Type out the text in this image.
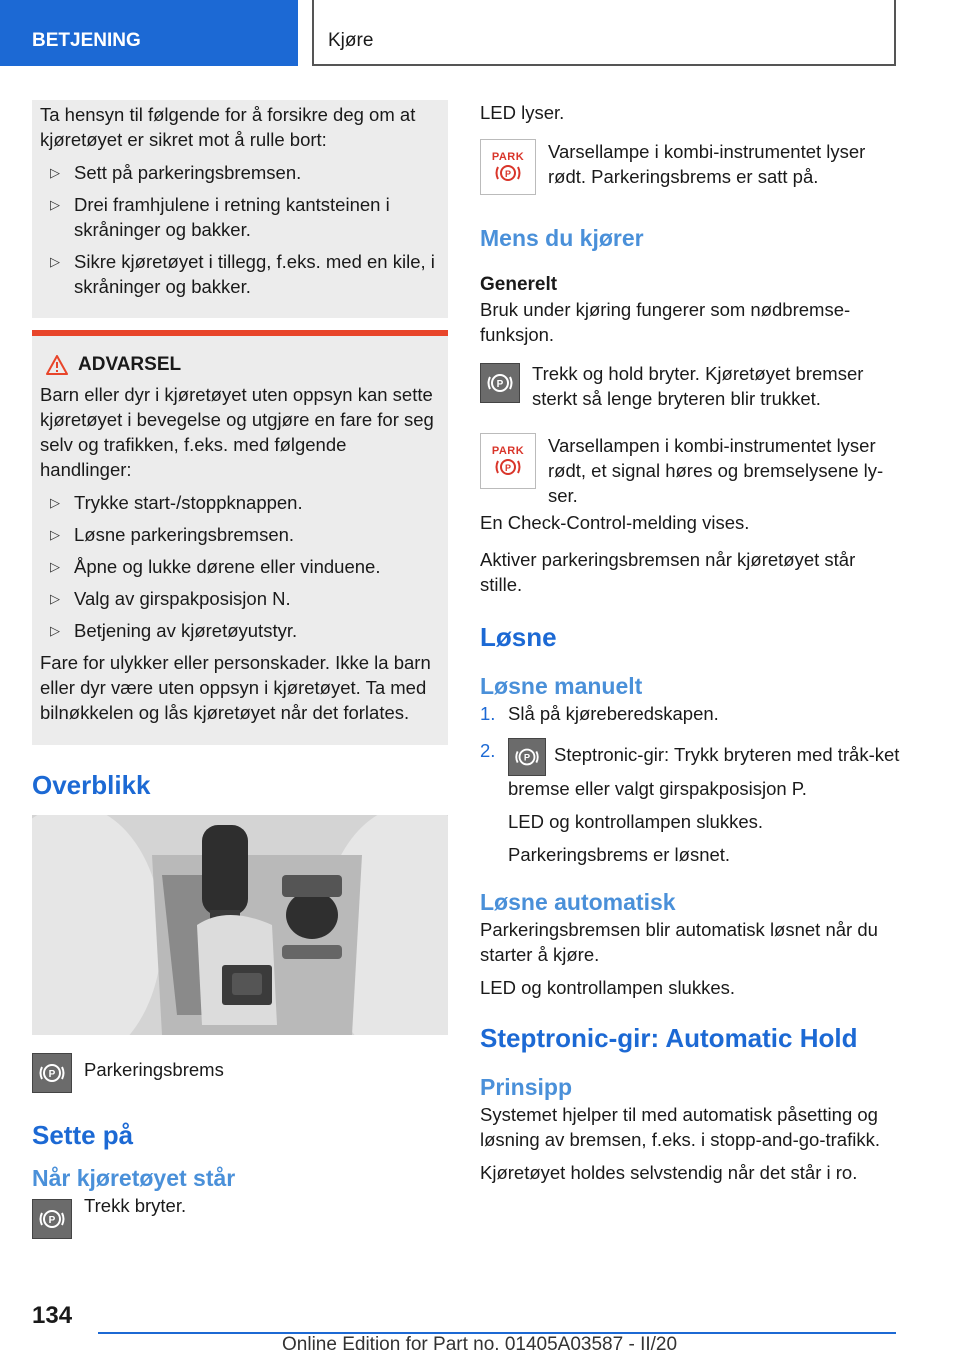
BETJENING	Kjøre

Ta hensyn til følgende for å forsikre deg om at kjøretøyet er sikret mot å rulle bort:

▷ Sett på parkeringsbremsen.
▷ Drei framhjulene i retning kantsteinen i skråninger og bakker.
▷ Sikre kjøretøyet i tillegg, f.eks. med en kile, i skråninger og bakker.
ADVARSEL

Barn eller dyr i kjøretøyet uten oppsyn kan sette kjøretøyet i bevegelse og utgjøre en fare for seg selv og trafikken, f.eks. med følgende handlinger:

▷ Trykke start-/stoppknappen.
▷ Løsne parkeringsbremsen.
▷ Åpne og lukke dørene eller vinduene.
▷ Valg av girspakposisjon N.
▷ Betjening av kjøretøyutstyr.

Fare for ulykker eller personskader. Ikke la barn eller dyr være uten oppsyn i kjøretøyet. Ta med bilnøkkelen og lås kjøretøyet når det forlates.

Overblikk
P Parkeringsbrems
Sette på
Når kjøretøyet står
P
Trekk bryter.

LED lyser.

PARK
P
Varsellampe i kombi-instrumentet lyser rødt. Parkeringsbrems er satt på.
Mens du kjører
Generelt

Bruk under kjøring fungerer som nødbremse-funksjon.

P
Trekk og hold bryter. Kjøretøyet bremser sterkt så lenge bryteren blir trukket.
PARK
P
Varsellampen i kombi-instrumentet lyser rødt, et signal høres og bremselysene ly-ser.

En Check-Control-melding vises.

Aktiver parkeringsbremsen når kjøretøyet står stille.

Løsne
Løsne manuelt
1. Slå på kjøreberedskapen.
2.	P Steptronic-gir: Trykk bryteren med tråk-ket bremse eller valgt girspakposisjon P.

LED og kontrollampen slukkes.

Parkeringsbrems er løsnet.

Løsne automatisk

Parkeringsbremsen blir automatisk løsnet når du starter å kjøre.

LED og kontrollampen slukkes.

Steptronic-gir: Automatic Hold
Prinsipp

Systemet hjelper til med automatisk påsetting og løsning av bremsen, f.eks. i stopp-and-go-trafikk.

Kjøretøyet holdes selvstendig når det står i ro.

134
Online Edition for Part no. 01405A03587 - II/20
